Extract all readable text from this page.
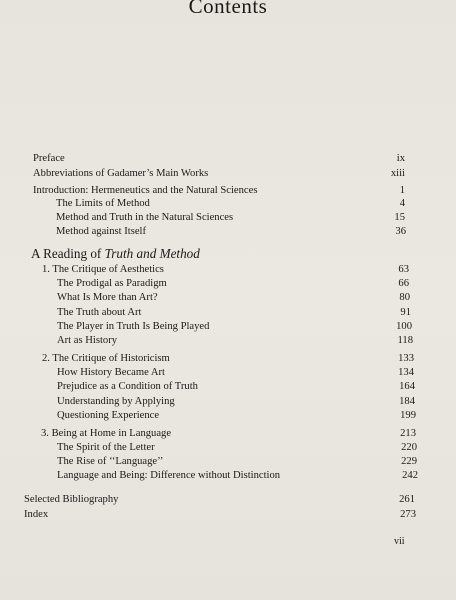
Contents
Preface	ix
Abbreviations of Gadamer’s Main Works	xiii
Introduction: Hermeneutics and the Natural Sciences	1
The Limits of Method	4
Method and Truth in the Natural Sciences	15
Method against Itself	36
1. The Critique of Aesthetics	63
The Prodigal as Paradigm	66
What Is More than Art?	80
The Truth about Art	91
The Player in Truth Is Being Played	100
Art as History	118
2. The Critique of Historicism	133
How History Became Art	134
Prejudice as a Condition of Truth	164
Understanding by Applying	184
Questioning Experience	199
3. Being at Home in Language	213
The Spirit of the Letter	220
The Rise of ‘‘Language’’	229
Language and Being: Difference without Distinction	242
Selected Bibliography	261
Index	273
A Reading of Truth and Method
vii
